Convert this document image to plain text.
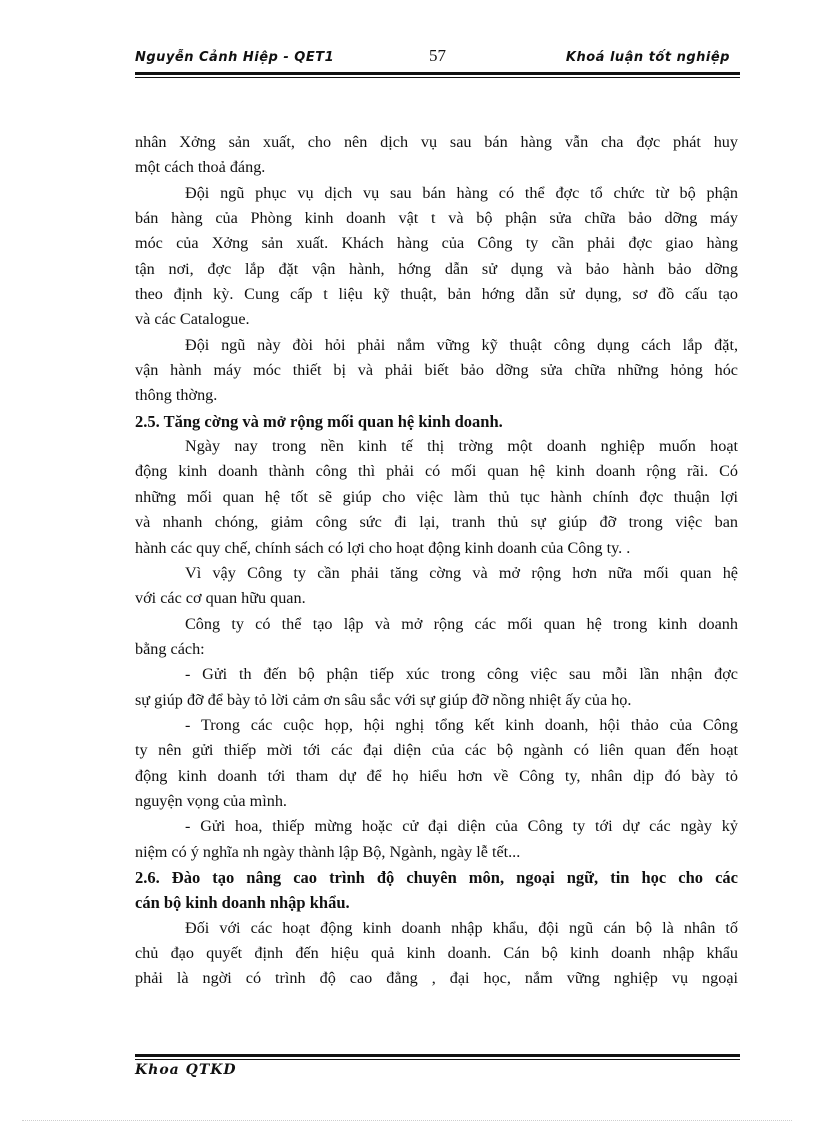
Nguyễn Cảnh Hiệp - QET1	57	Khoá luận tốt nghiệp
nhân Xởng sản xuất, cho nên dịch vụ sau bán hàng vẫn cha đợc phát huy
một cách thoả đáng.
Đội ngũ phục vụ dịch vụ sau bán hàng có thể đợc tổ chức từ bộ phận
bán hàng của Phòng kinh doanh vật t và bộ phận sửa chữa bảo dỡng máy
móc của Xởng sản xuất. Khách hàng của Công ty cần phải đợc giao hàng
tận nơi, đợc lắp đặt vận hành, hớng dẫn sử dụng và bảo hành bảo dỡng
theo định kỳ. Cung cấp t liệu kỹ thuật, bản hớng dẫn sử dụng, sơ đồ cấu tạo
và các Catalogue.
Đội ngũ này đòi hỏi phải nắm vững kỹ thuật công dụng cách lắp đặt,
vận hành máy móc thiết bị và phải biết bảo dỡng sửa chữa những hỏng hóc
thông thờng.
2.5. Tăng cờng và mở rộng mối quan hệ kinh doanh.
Ngày nay trong nền kinh tế thị trờng một doanh nghiệp muốn hoạt
động kinh doanh thành công thì phải có mối quan hệ kinh doanh rộng rãi. Có
những mối quan hệ tốt sẽ giúp cho việc làm thủ tục hành chính đợc thuận lợi
và nhanh chóng, giảm công sức đi lại, tranh thủ sự giúp đỡ trong việc ban
hành các quy chế, chính sách có lợi cho hoạt động kinh doanh của Công ty. .
Vì vậy Công ty cần phải tăng cờng và mở rộng hơn nữa mối quan hệ
với các cơ quan hữu quan.
Công ty có thể tạo lập và mở rộng các mối quan hệ trong kinh doanh
bằng cách:
- Gửi th đến bộ phận tiếp xúc trong công việc sau mỗi lần nhận đợc
sự giúp đỡ để bày tỏ lời cảm ơn sâu sắc với sự giúp đỡ nồng nhiệt ấy của họ.
- Trong các cuộc họp, hội nghị tổng kết kinh doanh, hội thảo của Công
ty nên gửi thiếp mời tới các đại diện của các bộ ngành có liên quan đến hoạt
động kinh doanh tới tham dự để họ hiểu hơn về Công ty, nhân dịp đó bày tỏ
nguyện vọng của mình.
- Gửi hoa, thiếp mừng hoặc cử đại diện của Công ty tới dự các ngày kỷ
niệm có ý nghĩa nh ngày thành lập Bộ, Ngành, ngày lễ tết...
2.6. Đào tạo nâng cao trình độ chuyên môn, ngoại ngữ, tin học cho các
cán bộ kinh doanh nhập khẩu.
Đối với các hoạt động kinh doanh nhập khẩu, đội ngũ cán bộ là nhân tố
chủ đạo quyết định đến hiệu quả kinh doanh. Cán bộ kinh doanh nhập khẩu
phải là ngời có trình độ cao đẳng , đại học, nắm vững nghiệp vụ ngoại
Khoa QTKD
